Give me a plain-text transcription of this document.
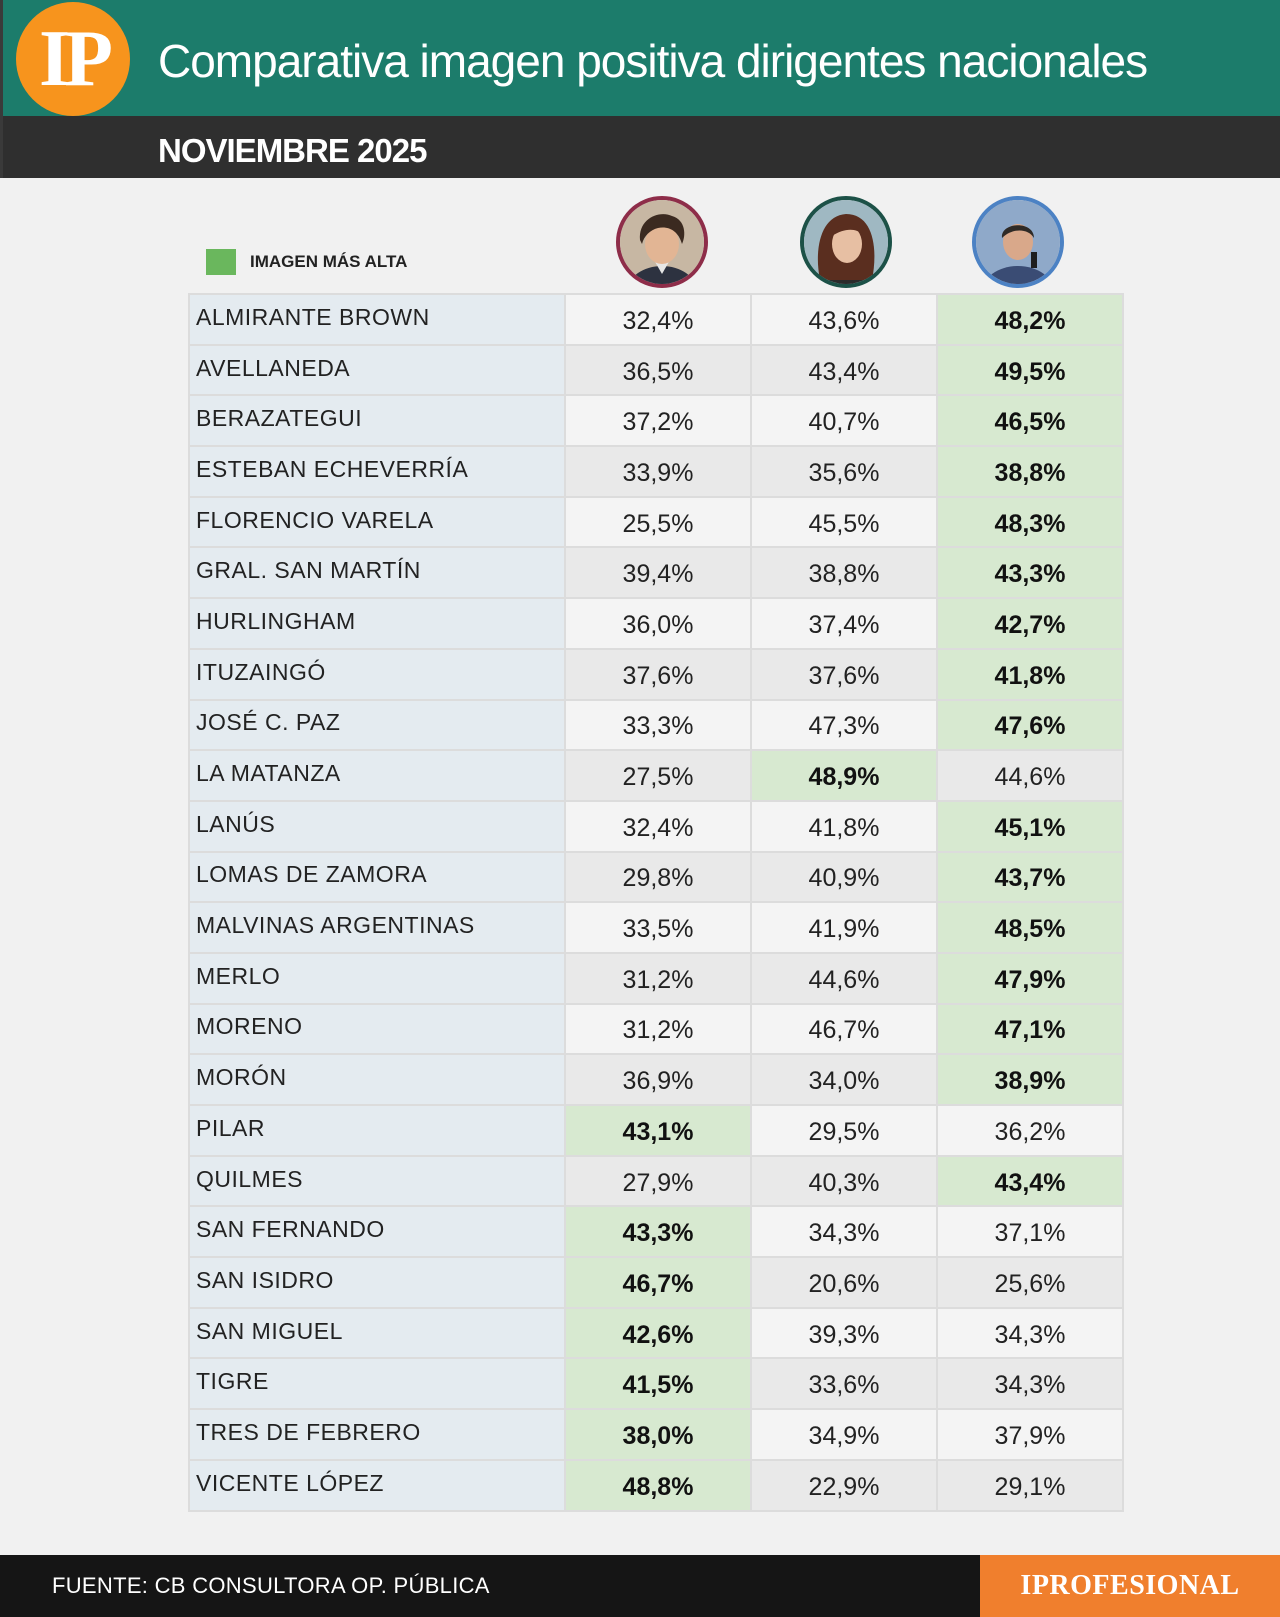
Comparativa imagen positiva dirigentes nacionales
IP
NOVIEMBRE 2025
IMAGEN MÁS ALTA
ALMIRANTE BROWN	32,4%	43,6%	48,2%
AVELLANEDA	36,5%	43,4%	49,5%
BERAZATEGUI	37,2%	40,7%	46,5%
ESTEBAN ECHEVERRÍA	33,9%	35,6%	38,8%
FLORENCIO VARELA	25,5%	45,5%	48,3%
GRAL. SAN MARTÍN	39,4%	38,8%	43,3%
HURLINGHAM	36,0%	37,4%	42,7%
ITUZAINGÓ	37,6%	37,6%	41,8%
JOSÉ C. PAZ	33,3%	47,3%	47,6%
LA MATANZA	27,5%	48,9%	44,6%
LANÚS	32,4%	41,8%	45,1%
LOMAS DE ZAMORA	29,8%	40,9%	43,7%
MALVINAS ARGENTINAS	33,5%	41,9%	48,5%
MERLO	31,2%	44,6%	47,9%
MORENO	31,2%	46,7%	47,1%
MORÓN	36,9%	34,0%	38,9%
PILAR	43,1%	29,5%	36,2%
QUILMES	27,9%	40,3%	43,4%
SAN FERNANDO	43,3%	34,3%	37,1%
SAN ISIDRO	46,7%	20,6%	25,6%
SAN MIGUEL	42,6%	39,3%	34,3%
TIGRE	41,5%	33,6%	34,3%
TRES DE FEBRERO	38,0%	34,9%	37,9%
VICENTE LÓPEZ	48,8%	22,9%	29,1%
FUENTE: CB CONSULTORA OP. PÚBLICA	IPROFESIONAL
